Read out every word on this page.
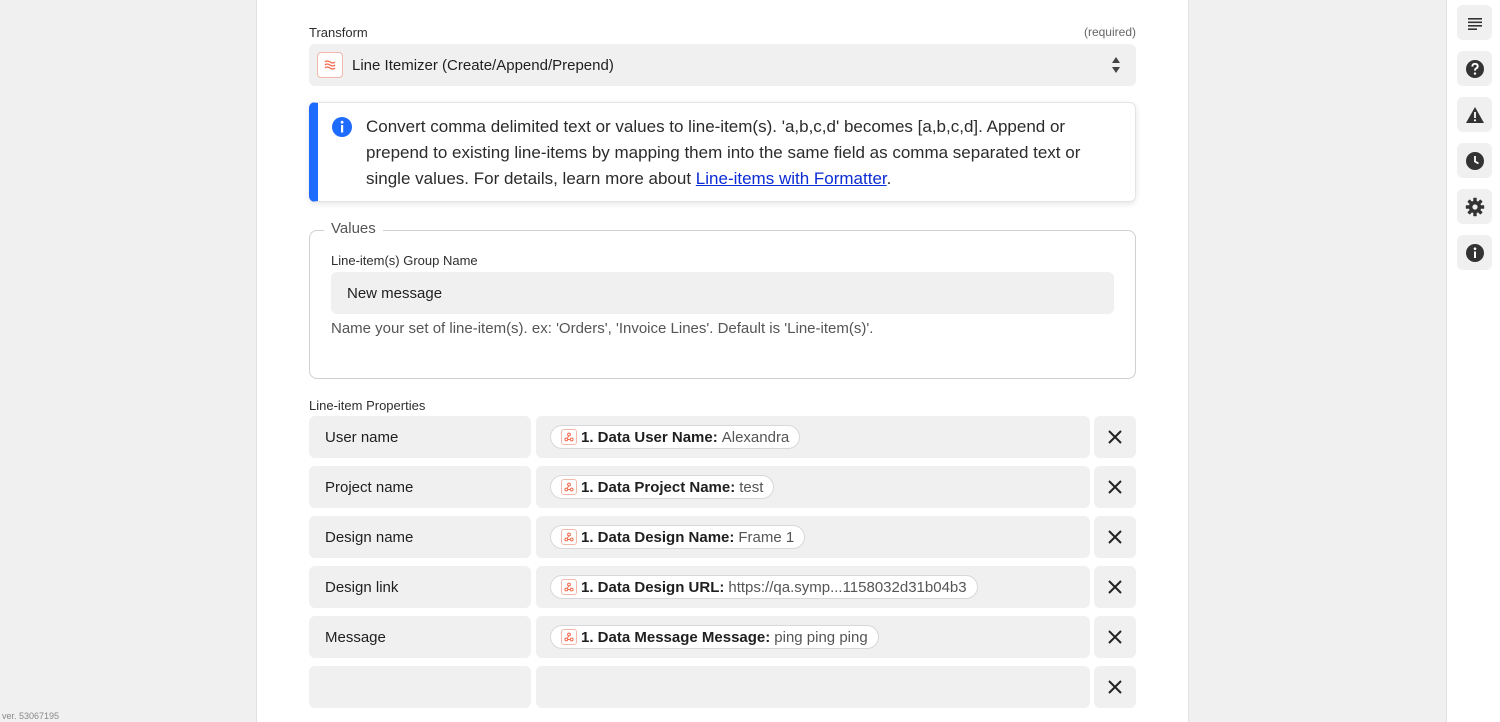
Transform	(required)
Line Itemizer (Create/Append/Prepend)

Convert comma delimited text or values to line-item(s). 'a,b,c,d' becomes [a,b,c,d]. Append or prepend to existing line-items by mapping them into the same field as comma separated text or single values. For details, learn more about Line-items with Formatter.

Values
Line-item(s) Group Name
New message
Name your set of line-item(s). ex: 'Orders', 'Invoice Lines'. Default is 'Line-item(s)'.
Line-item Properties
User name	1. Data User Name: Alexandra
Project name	1. Data Project Name: test
Design name	1. Data Design Name: Frame 1
Design link	1. Data Design URL: https://qa.symp...1158032d31b04b3
Message	1. Data Message Message: ping ping ping
ver. 53067195
